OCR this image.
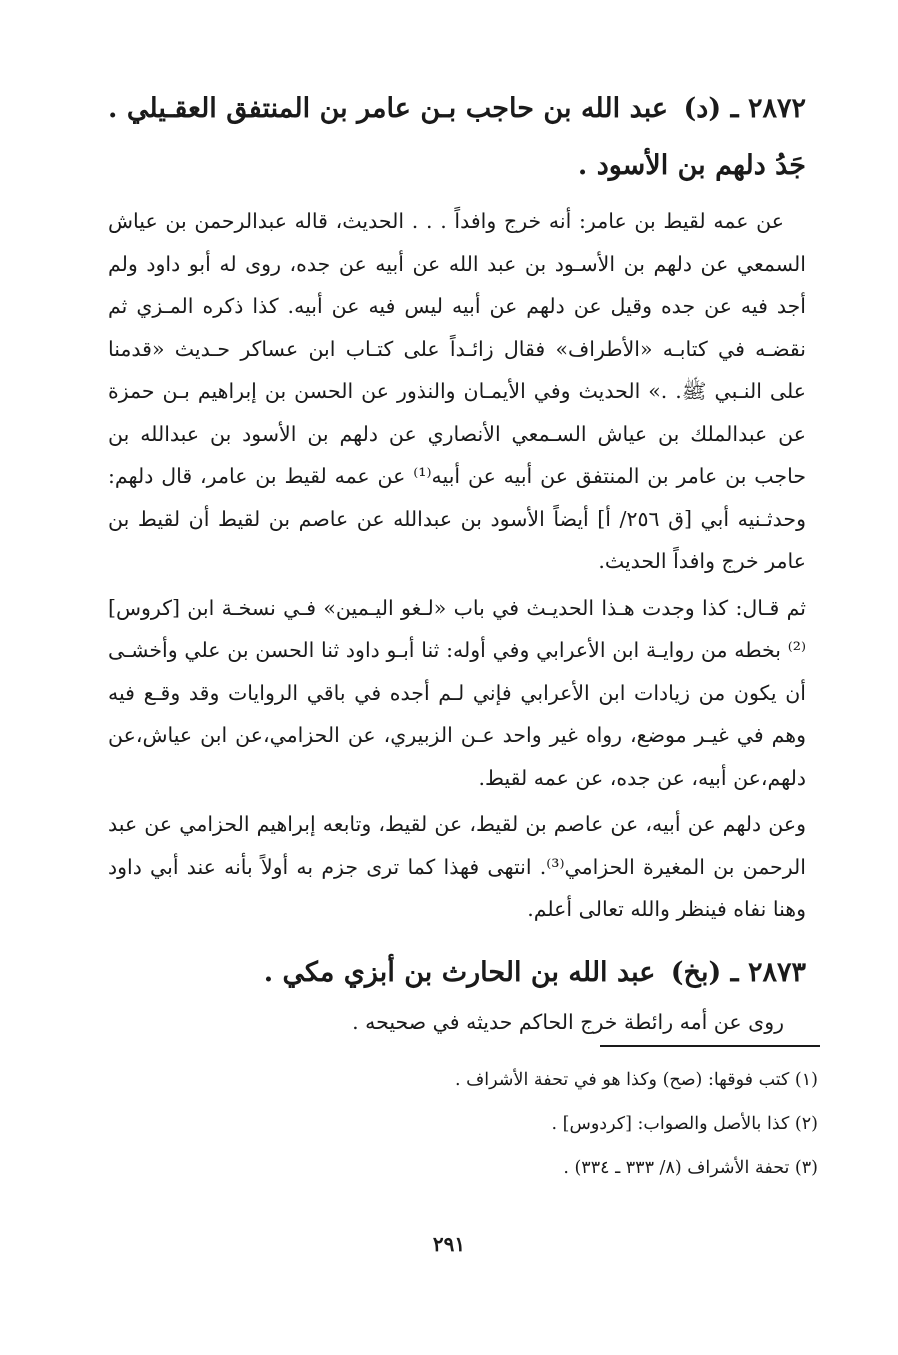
٢٨٧٢ ـ (د) عبد الله بن حاجب بـن عامر بن المنتفق العقـيلي . جَدُ دلهم بن الأسود .

عن عمه لقيط بن عامر: أنه خرج وافداً . . . الحديث، قاله عبدالرحمن بن عياش السمعي عن دلهم بن الأسـود بن عبد الله عن أبيه عن جده، روى له أبو داود ولم أجد فيه عن جده وقيل عن دلهم عن أبيه ليس فيه عن أبيه. كذا ذكره المـزي ثم نقضـه في كتابـه «الأطراف» فقال زائـداً على كتـاب ابن عساكر حـديث «قدمنا على النـبي ﷺ. .» الحديث وفي الأيمـان والنذور عن الحسن بن إبراهيم بـن حمزة عن عبدالملك بن عياش السـمعي الأنصاري عن دلهم بن الأسود بن عبدالله بن حاجب بن عامر بن المنتفق عن أبيه عن أبيه⁽¹⁾ عن عمه لقيط بن عامر، قال دلهم: وحدثـنيه أبي [ق ٢٥٦/ أ] أيضاً الأسود بن عبدالله عن عاصم بن لقيط أن لقيط بن عامر خرج وافداً الحديث.

ثم قـال: كذا وجدت هـذا الحديـث في باب «لـغو اليـمين» فـي نسخـة ابن [كروس]⁽²⁾ بخطه من روايـة ابن الأعرابي وفي أوله: ثنا أبـو داود ثنا الحسن بن علي وأخشـى أن يكون من زيادات ابن الأعرابي فإني لـم أجده في باقي الروايات وقد وقـع فيه وهم في غيـر موضع، رواه غير واحد عـن الزبيري، عن الحزامي،عن ابن عياش،عن دلهم،عن أبيه، عن جده، عن عمه لقيط.

وعن دلهم عن أبيه، عن عاصم بن لقيط، عن لقيط، وتابعه إبراهيم الحزامي عن عبد الرحمن بن المغيرة الحزامي⁽³⁾. انتهى فهذا كما ترى جزم به أولاً بأنه عند أبي داود وهنا نفاه فينظر والله تعالى أعلم.

٢٨٧٣ ـ (بخ) عبد الله بن الحارث بن أبزي مكي .

روى عن أمه رائطة خرج الحاكم حديثه في صحيحه .

(١) كتب فوقها: (صح) وكذا هو في تحفة الأشراف .
(٢) كذا بالأصل والصواب: [كردوس] .
(٣) تحفة الأشراف (٨/ ٣٣٣ ـ ٣٣٤) .
٢٩١
